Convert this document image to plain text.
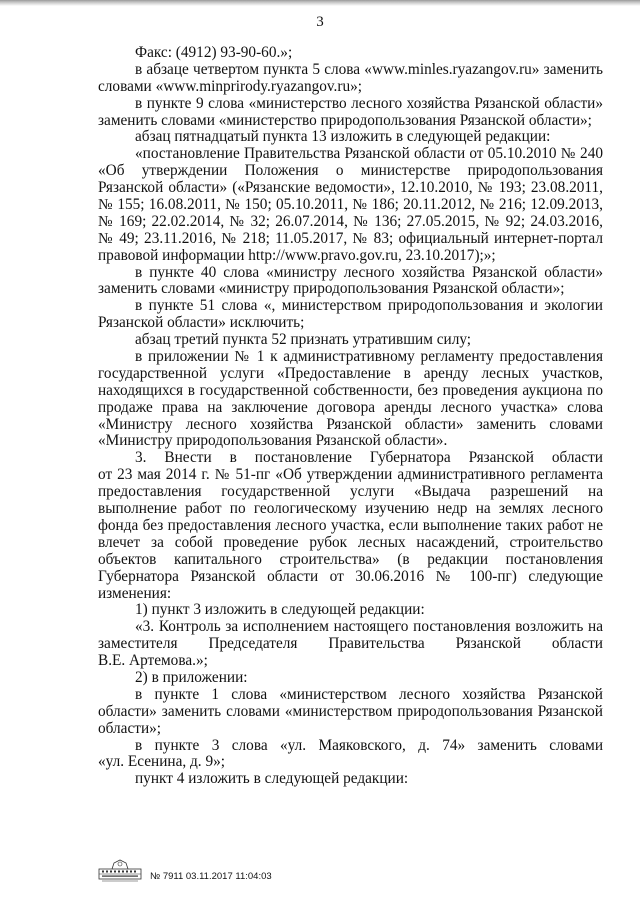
3
Факс: (4912) 93-90-60.»;
в абзаце четвертом пункта 5 слова «www.minles.ryazangov.ru» заменить
словами «www.minprirody.ryazangov.ru»;
в пункте 9 слова «министерство лесного хозяйства Рязанской области»
заменить словами «министерство природопользования Рязанской области»;
абзац пятнадцатый пункта 13 изложить в следующей редакции:
«постановление Правительства Рязанской области от 05.10.2010 № 240
«Об утверждении Положения о министерстве природопользования
Рязанской области» («Рязанские ведомости», 12.10.2010, № 193; 23.08.2011,
№ 155; 16.08.2011, № 150; 05.10.2011, № 186; 20.11.2012, № 216; 12.09.2013,
№ 169; 22.02.2014, № 32; 26.07.2014, № 136; 27.05.2015, № 92; 24.03.2016,
№ 49; 23.11.2016, № 218; 11.05.2017, № 83; официальный интернет-портал
правовой информации http://www.pravo.gov.ru, 23.10.2017);»;
в пункте 40 слова «министру лесного хозяйства Рязанской области»
заменить словами «министру природопользования Рязанской области»;
в пункте 51 слова «, министерством природопользования и экологии
Рязанской области» исключить;
абзац третий пункта 52 признать утратившим силу;
в приложении № 1 к административному регламенту предоставления
государственной услуги «Предоставление в аренду лесных участков,
находящихся в государственной собственности, без проведения аукциона по
продаже права на заключение договора аренды лесного участка» слова
«Министру лесного хозяйства Рязанской области» заменить словами
«Министру природопользования Рязанской области».
3. Внести в постановление Губернатора Рязанской области
от 23 мая 2014 г. № 51-пг «Об утверждении административного регламента
предоставления государственной услуги «Выдача разрешений на
выполнение работ по геологическому изучению недр на землях лесного
фонда без предоставления лесного участка, если выполнение таких работ не
влечет за собой проведение рубок лесных насаждений, строительство
объектов капитального строительства» (в редакции постановления
Губернатора Рязанской области от 30.06.2016 № 100-пг) следующие
изменения:
1) пункт 3 изложить в следующей редакции:
«3. Контроль за исполнением настоящего постановления возложить на
заместителя Председателя Правительства Рязанской области
В.Е. Артемова.»;
2) в приложении:
в пункте 1 слова «министерством лесного хозяйства Рязанской
области» заменить словами «министерством природопользования Рязанской
области»;
в пункте 3 слова «ул. Маяковского, д. 74» заменить словами
«ул. Есенина, д. 9»;
пункт 4 изложить в следующей редакции:
№ 7911 03.11.2017 11:04:03
